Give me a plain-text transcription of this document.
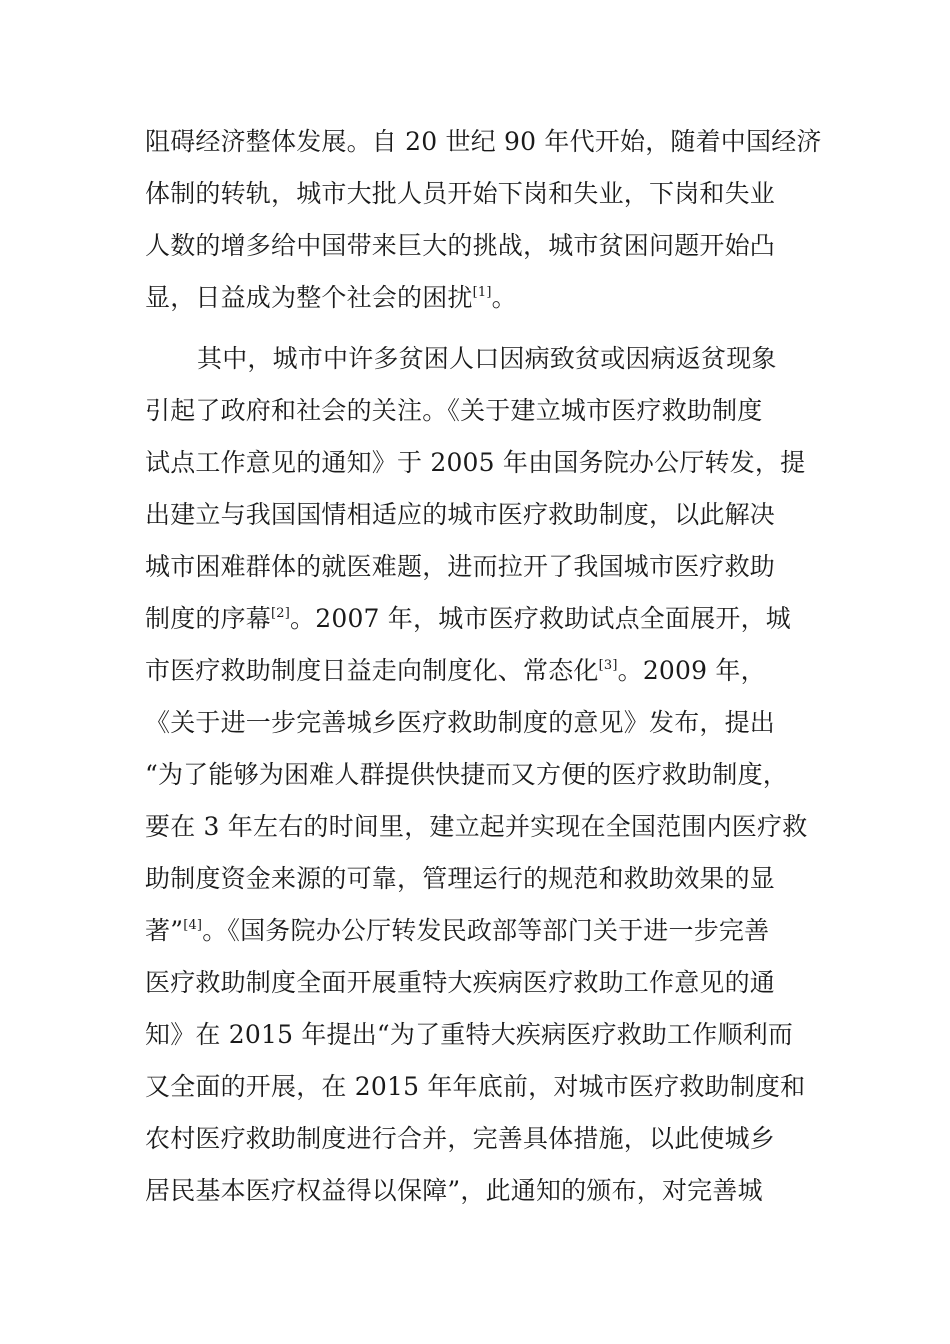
阻碍经济整体发展。自 20 世纪 90 年代开始，随着中国经济
体制的转轨，城市大批人员开始下岗和失业，下岗和失业
人数的增多给中国带来巨大的挑战，城市贫困问题开始凸
显，日益成为整个社会的困扰[1]。
其中，城市中许多贫困人口因病致贫或因病返贫现象
引起了政府和社会的关注。《关于建立城市医疗救助制度
试点工作意见的通知》于 2005 年由国务院办公厅转发，提
出建立与我国国情相适应的城市医疗救助制度，以此解决
城市困难群体的就医难题，进而拉开了我国城市医疗救助
制度的序幕[2]。2007 年，城市医疗救助试点全面展开，城
市医疗救助制度日益走向制度化、常态化[3]。2009 年，
《关于进一步完善城乡医疗救助制度的意见》发布，提出
“为了能够为困难人群提供快捷而又方便的医疗救助制度，
要在 3 年左右的时间里，建立起并实现在全国范围内医疗救
助制度资金来源的可靠，管理运行的规范和救助效果的显
著”[4]。《国务院办公厅转发民政部等部门关于进一步完善
医疗救助制度全面开展重特大疾病医疗救助工作意见的通
知》在 2015 年提出“为了重特大疾病医疗救助工作顺利而
又全面的开展，在 2015 年年底前，对城市医疗救助制度和
农村医疗救助制度进行合并，完善具体措施，以此使城乡
居民基本医疗权益得以保障”，此通知的颁布，对完善城
